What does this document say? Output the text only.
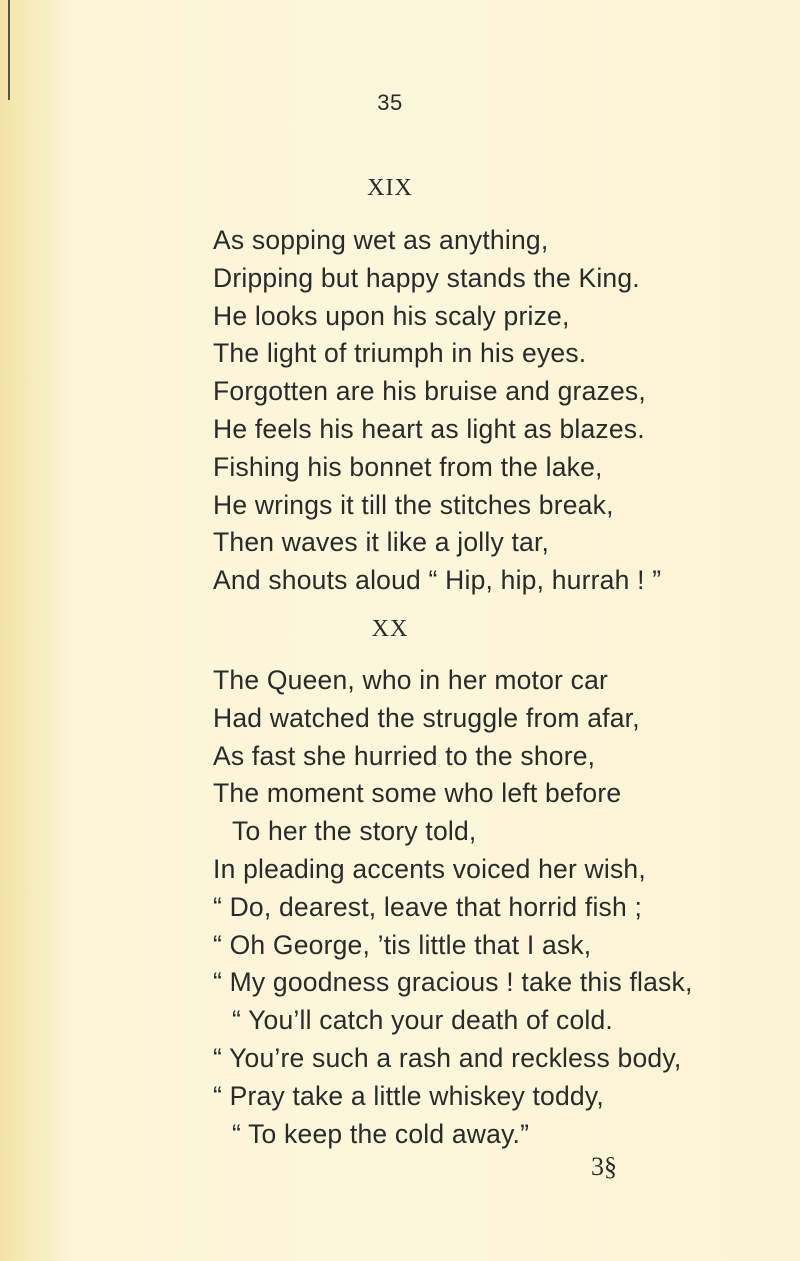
35
XIX
As sopping wet as anything,
Dripping but happy stands the King.
He looks upon his scaly prize,
The light of triumph in his eyes.
Forgotten are his bruise and grazes,
He feels his heart as light as blazes.
Fishing his bonnet from the lake,
He wrings it till the stitches break,
Then waves it like a jolly tar,
And shouts aloud “ Hip, hip, hurrah ! ”
XX
The Queen, who in her motor car
Had watched the struggle from afar,
As fast she hurried to the shore,
The moment some who left before
To her the story told,
In pleading accents voiced her wish,
“ Do, dearest, leave that horrid fish ;
“ Oh George, ’tis little that I ask,
“ My goodness gracious ! take this flask,
“ You’ll catch your death of cold.
“ You’re such a rash and reckless body,
“ Pray take a little whiskey toddy,
“ To keep the cold away.”
3§
